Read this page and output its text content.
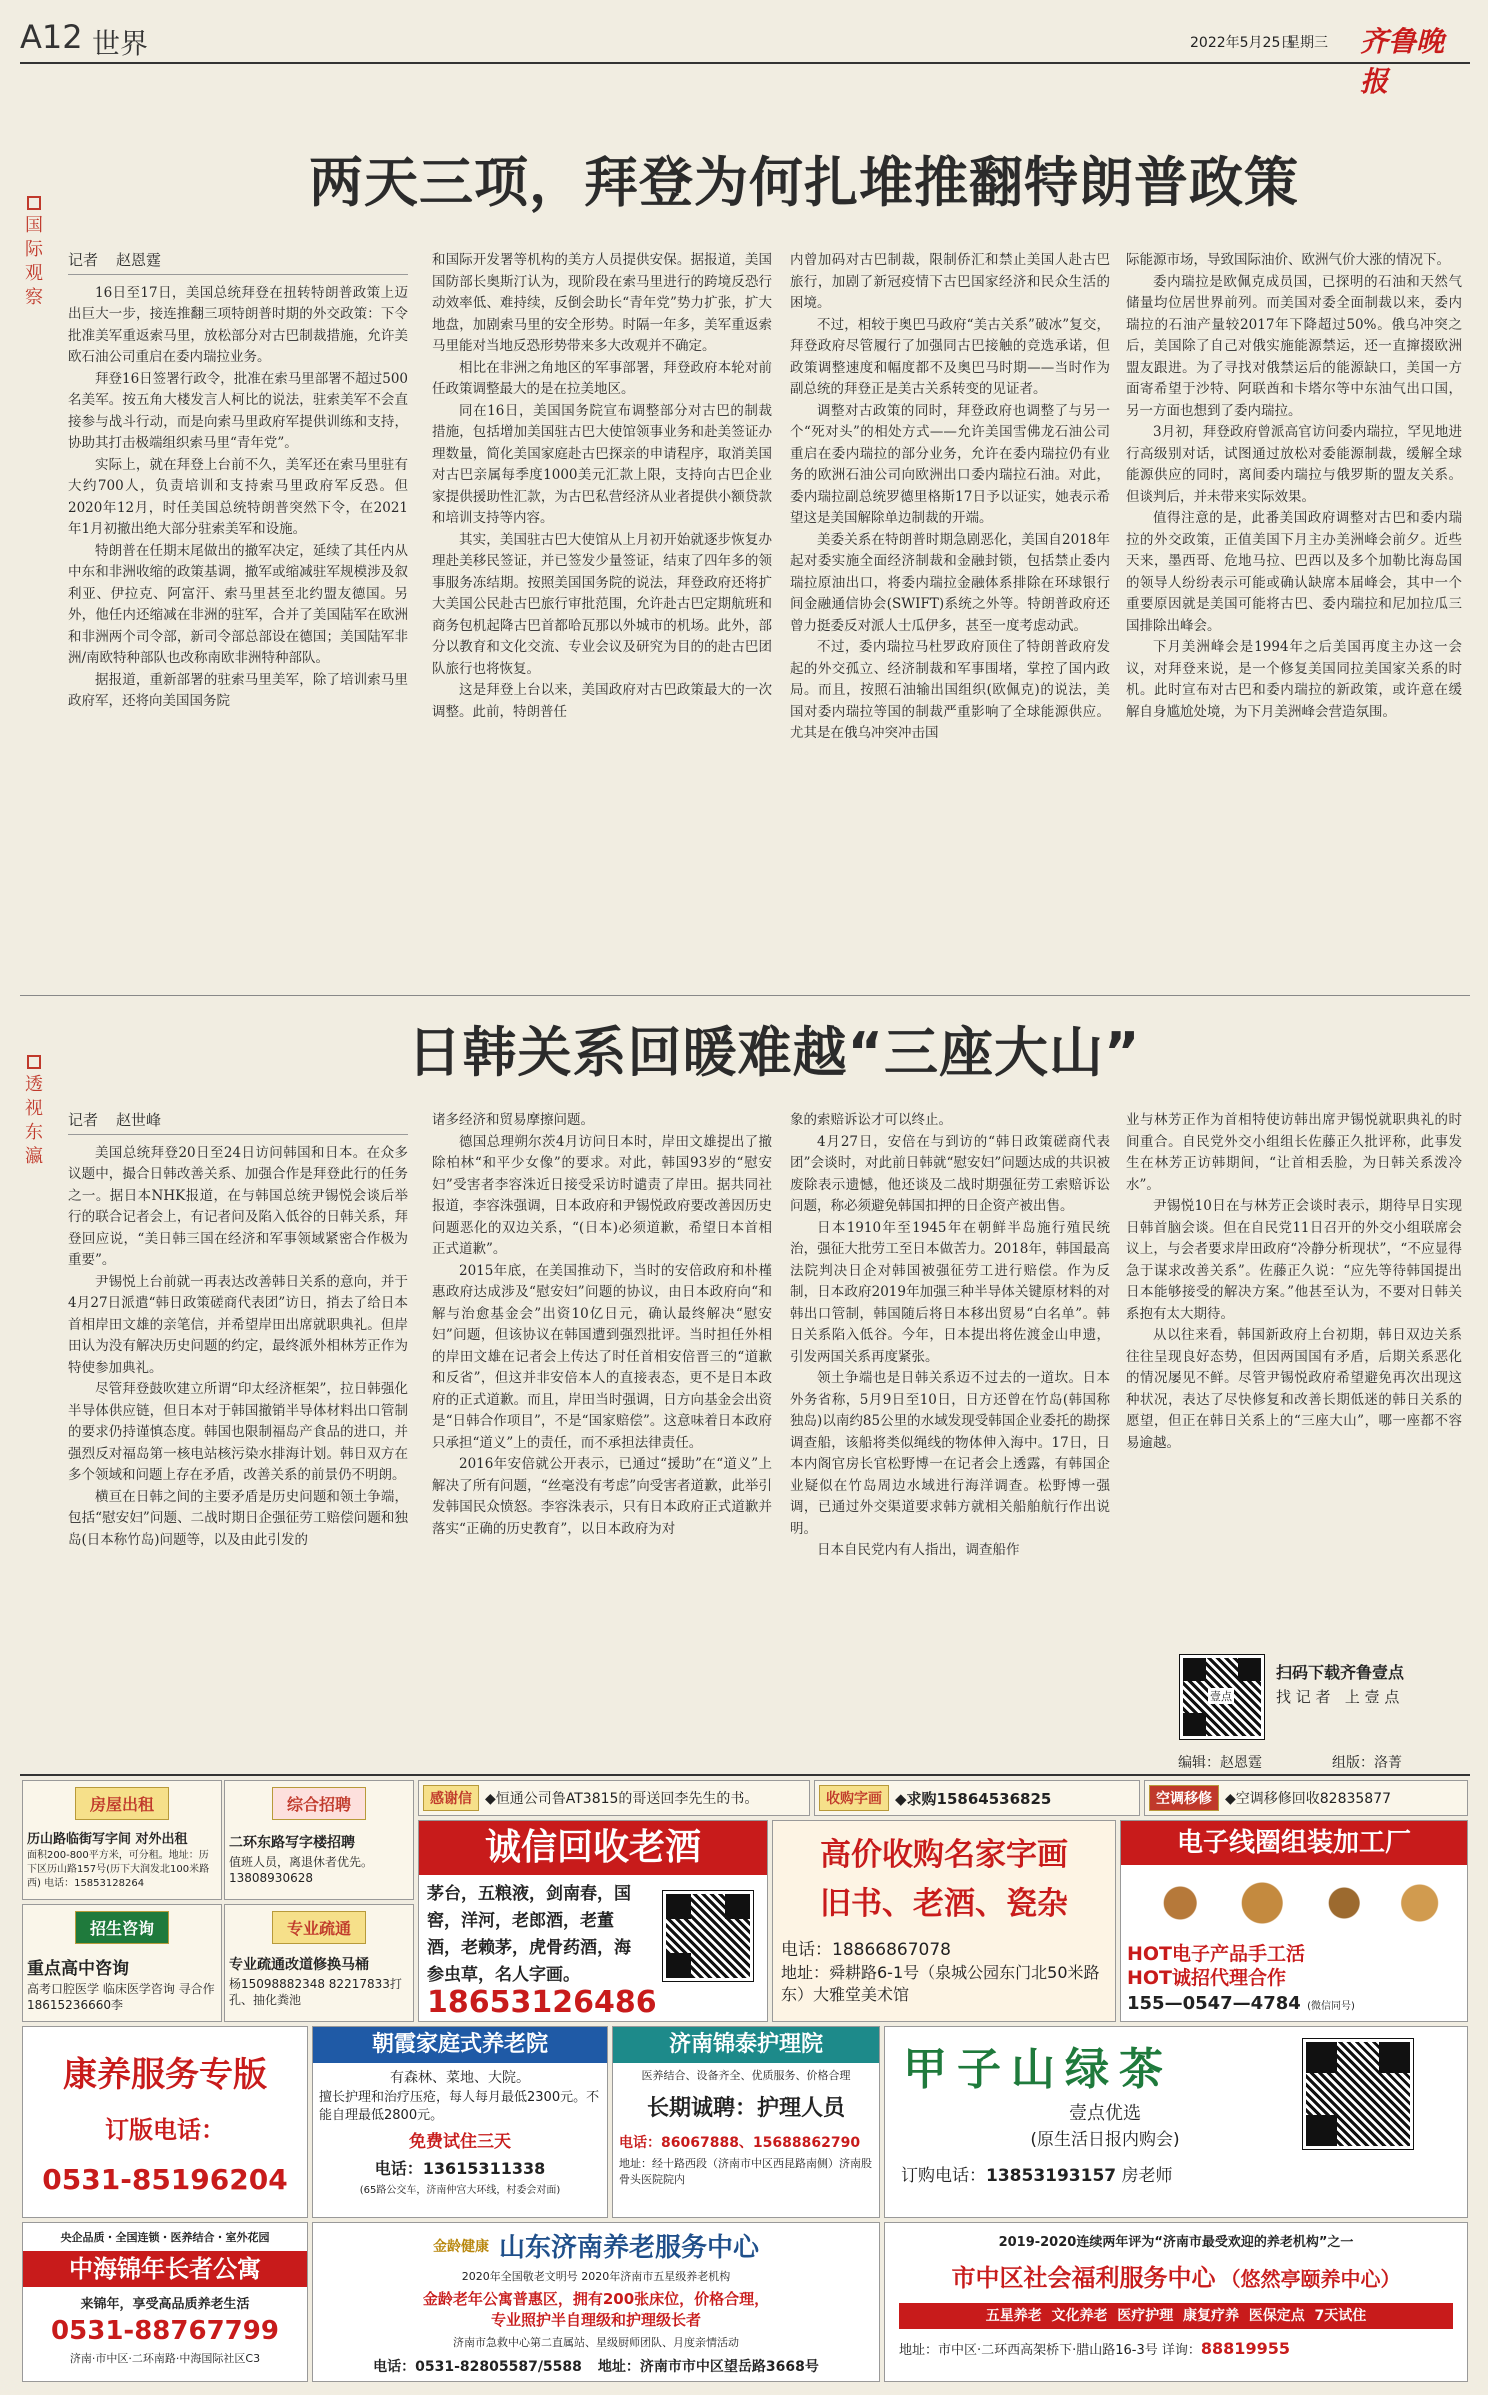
A12 世界	2022年5月25日
星期三 齐鲁晚报
国际观察
两天三项，拜登为何扎堆推翻特朗普政策

记者 赵恩霆

16日至17日，美国总统拜登在扭转特朗普政策上迈出巨大一步，接连推翻三项特朗普时期的外交政策：下令批准美军重返索马里，放松部分对古巴制裁措施，允许美欧石油公司重启在委内瑞拉业务。

拜登16日签署行政令，批准在索马里部署不超过500名美军。按五角大楼发言人柯比的说法，驻索美军不会直接参与战斗行动，而是向索马里政府军提供训练和支持，协助其打击极端组织索马里“青年党”。

实际上，就在拜登上台前不久，美军还在索马里驻有大约700人，负责培训和支持索马里政府军反恐。但2020年12月，时任美国总统特朗普突然下令，在2021年1月初撤出绝大部分驻索美军和设施。

特朗普在任期末尾做出的撤军决定，延续了其任内从中东和非洲收缩的政策基调，撤军或缩减驻军规模涉及叙利亚、伊拉克、阿富汗、索马里甚至北约盟友德国。另外，他任内还缩减在非洲的驻军，合并了美国陆军在欧洲和非洲两个司令部，新司令部总部设在德国；美国陆军非洲/南欧特种部队也改称南欧非洲特种部队。

据报道，重新部署的驻索马里美军，除了培训索马里政府军，还将向美国国务院

和国际开发署等机构的美方人员提供安保。据报道，美国国防部长奥斯汀认为，现阶段在索马里进行的跨境反恐行动效率低、难持续，反倒会助长“青年党”势力扩张，扩大地盘，加剧索马里的安全形势。时隔一年多，美军重返索马里能对当地反恐形势带来多大改观并不确定。

相比在非洲之角地区的军事部署，拜登政府本轮对前任政策调整最大的是在拉美地区。

同在16日，美国国务院宣布调整部分对古巴的制裁措施，包括增加美国驻古巴大使馆领事业务和赴美签证办理数量，简化美国家庭赴古巴探亲的申请程序，取消美国对古巴亲属每季度1000美元汇款上限，支持向古巴企业家提供援助性汇款，为古巴私营经济从业者提供小额贷款和培训支持等内容。

其实，美国驻古巴大使馆从上月初开始就逐步恢复办理赴美移民签证，并已签发少量签证，结束了四年多的领事服务冻结期。按照美国国务院的说法，拜登政府还将扩大美国公民赴古巴旅行审批范围，允许赴古巴定期航班和商务包机起降古巴首都哈瓦那以外城市的机场。此外，部分以教育和文化交流、专业会议及研究为目的的赴古巴团队旅行也将恢复。

这是拜登上台以来，美国政府对古巴政策最大的一次调整。此前，特朗普任

内曾加码对古巴制裁，限制侨汇和禁止美国人赴古巴旅行，加剧了新冠疫情下古巴国家经济和民众生活的困境。

不过，相较于奥巴马政府“美古关系”破冰”复交，拜登政府尽管履行了加强同古巴接触的竞选承诺，但政策调整速度和幅度都不及奥巴马时期——当时作为副总统的拜登正是美古关系转变的见证者。

调整对古政策的同时，拜登政府也调整了与另一个“死对头”的相处方式——允许美国雪佛龙石油公司重启在委内瑞拉的部分业务，允许在委内瑞拉仍有业务的欧洲石油公司向欧洲出口委内瑞拉石油。对此，委内瑞拉副总统罗德里格斯17日予以证实，她表示希望这是美国解除单边制裁的开端。

美委关系在特朗普时期急剧恶化，美国自2018年起对委实施全面经济制裁和金融封锁，包括禁止委内瑞拉原油出口，将委内瑞拉金融体系排除在环球银行间金融通信协会(SWIFT)系统之外等。特朗普政府还曾力挺委反对派人士瓜伊多，甚至一度考虑动武。

不过，委内瑞拉马杜罗政府顶住了特朗普政府发起的外交孤立、经济制裁和军事围堵，掌控了国内政局。而且，按照石油输出国组织(欧佩克)的说法，美国对委内瑞拉等国的制裁严重影响了全球能源供应。尤其是在俄乌冲突冲击国

际能源市场，导致国际油价、欧洲气价大涨的情况下。

委内瑞拉是欧佩克成员国，已探明的石油和天然气储量均位居世界前列。而美国对委全面制裁以来，委内瑞拉的石油产量较2017年下降超过50%。俄乌冲突之后，美国除了自己对俄实施能源禁运，还一直撺掇欧洲盟友跟进。为了寻找对俄禁运后的能源缺口，美国一方面寄希望于沙特、阿联酋和卡塔尔等中东油气出口国，另一方面也想到了委内瑞拉。

3月初，拜登政府曾派高官访问委内瑞拉，罕见地进行高级别对话，试图通过放松对委能源制裁，缓解全球能源供应的同时，离间委内瑞拉与俄罗斯的盟友关系。但谈判后，并未带来实际效果。

值得注意的是，此番美国政府调整对古巴和委内瑞拉的外交政策，正值美国下月主办美洲峰会前夕。近些天来，墨西哥、危地马拉、巴西以及多个加勒比海岛国的领导人纷纷表示可能或确认缺席本届峰会，其中一个重要原因就是美国可能将古巴、委内瑞拉和尼加拉瓜三国排除出峰会。

下月美洲峰会是1994年之后美国再度主办这一会议，对拜登来说，是一个修复美国同拉美国家关系的时机。此时宣布对古巴和委内瑞拉的新政策，或许意在缓解自身尴尬处境，为下月美洲峰会营造氛围。

透视东瀛
日韩关系回暖难越“三座大山”

记者 赵世峰

美国总统拜登20日至24日访问韩国和日本。在众多议题中，撮合日韩改善关系、加强合作是拜登此行的任务之一。据日本NHK报道，在与韩国总统尹锡悦会谈后举行的联合记者会上，有记者问及陷入低谷的日韩关系，拜登回应说，“美日韩三国在经济和军事领域紧密合作极为重要”。

尹锡悦上台前就一再表达改善韩日关系的意向，并于4月27日派遣“韩日政策磋商代表团”访日，捎去了给日本首相岸田文雄的亲笔信，并希望岸田出席就职典礼。但岸田认为没有解决历史问题的约定，最终派外相林芳正作为特使参加典礼。

尽管拜登鼓吹建立所谓“印太经济框架”，拉日韩强化半导体供应链，但日本对于韩国撤销半导体材料出口管制的要求仍持谨慎态度。韩国也限制福岛产食品的进口，并强烈反对福岛第一核电站核污染水排海计划。韩日双方在多个领域和问题上存在矛盾，改善关系的前景仍不明朗。

横亘在日韩之间的主要矛盾是历史问题和领土争端，包括“慰安妇”问题、二战时期日企强征劳工赔偿问题和独岛(日本称竹岛)问题等，以及由此引发的

诸多经济和贸易摩擦问题。

德国总理朔尔茨4月访问日本时，岸田文雄提出了撤除柏林“和平少女像”的要求。对此，韩国93岁的“慰安妇”受害者李容洙近日接受采访时谴责了岸田。据共同社报道，李容洙强调，日本政府和尹锡悦政府要改善因历史问题恶化的双边关系，“(日本)必须道歉，希望日本首相正式道歉”。

2015年底，在美国推动下，当时的安倍政府和朴槿惠政府达成涉及“慰安妇”问题的协议，由日本政府向“和解与治愈基金会”出资10亿日元，确认最终解决“慰安妇”问题，但该协议在韩国遭到强烈批评。当时担任外相的岸田文雄在记者会上传达了时任首相安倍晋三的“道歉和反省”，但这并非安倍本人的直接表态，更不是日本政府的正式道歉。而且，岸田当时强调，日方向基金会出资是“日韩合作项目”，不是“国家赔偿”。这意味着日本政府只承担“道义”上的责任，而不承担法律责任。

2016年安倍就公开表示，已通过“援助”在“道义”上解决了所有问题，“丝毫没有考虑”向受害者道歉，此举引发韩国民众愤怒。李容洙表示，只有日本政府正式道歉并落实“正确的历史教育”，以日本政府为对

象的索赔诉讼才可以终止。

4月27日，安倍在与到访的“韩日政策磋商代表团”会谈时，对此前日韩就“慰安妇”问题达成的共识被废除表示遗憾，他还谈及二战时期强征劳工索赔诉讼问题，称必须避免韩国扣押的日企资产被出售。

日本1910年至1945年在朝鲜半岛施行殖民统治，强征大批劳工至日本做苦力。2018年，韩国最高法院判决日企对韩国被强征劳工进行赔偿。作为反制，日本政府2019年加强三种半导体关键原材料的对韩出口管制，韩国随后将日本移出贸易“白名单”。韩日关系陷入低谷。今年，日本提出将佐渡金山申遗，引发两国关系再度紧张。

领土争端也是日韩关系迈不过去的一道坎。日本外务省称，5月9日至10日，日方还曾在竹岛(韩国称独岛)以南约85公里的水域发现受韩国企业委托的勘探调查船，该船将类似绳线的物体伸入海中。17日，日本内阁官房长官松野博一在记者会上透露，有韩国企业疑似在竹岛周边水域进行海洋调查。松野博一强调，已通过外交渠道要求韩方就相关船舶航行作出说明。

日本自民党内有人指出，调查船作

业与林芳正作为首相特使访韩出席尹锡悦就职典礼的时间重合。自民党外交小组组长佐藤正久批评称，此事发生在林芳正访韩期间，“让首相丢脸，为日韩关系泼冷水”。

尹锡悦10日在与林芳正会谈时表示，期待早日实现日韩首脑会谈。但在自民党11日召开的外交小组联席会议上，与会者要求岸田政府“冷静分析现状”，“不应显得急于谋求改善关系”。佐藤正久说：“应先等待韩国提出日本能够接受的解决方案。”他甚至认为，不要对日韩关系抱有太大期待。

从以往来看，韩国新政府上台初期，韩日双边关系往往呈现良好态势，但因两国国有矛盾，后期关系恶化的情况屡见不鲜。尽管尹锡悦政府希望避免再次出现这种状况，表达了尽快修复和改善长期低迷的韩日关系的愿望，但正在韩日关系上的“三座大山”，哪一座都不容易逾越。

壹点
扫码下载齐鲁壹点
找 记 者   上 壹 点
编辑：赵恩霆	组版：洛菁
房屋出租
历山路临街写字间 对外出租
面积200-800平方米，可分租。地址：历下区历山路157号(历下大润发北100米路西) 电话：15853128264
综合招聘
二环东路写字楼招聘
值班人员，离退休者优先。13808930628
招生咨询
重点高中咨询
高考口腔医学 临床医学咨询 寻合作18615236660李
专业疏通
专业疏通改道修换马桶
杨15098882348 82217833打孔、抽化粪池
感谢信 ◆恒通公司鲁AT3815的哥送回李先生的书。	收购字画 ◆求购15864536825	空调移修 ◆空调移修回收82835877
诚信回收老酒
茅台，五粮液，剑南春，国窖，洋河，老郎酒，老董酒，老赖茅，虎骨药酒，海参虫草，名人字画。
18653126486
高价收购名家字画
旧书、老酒、瓷杂
电话：18866867078
地址：舜耕路6-1号（泉城公园东门北50米路东）大雅堂美术馆
电子线圈组装加工厂
HOT电子产品手工活
HOT诚招代理合作
155—0547—4784 (微信同号)
康养服务专版
订版电话：
0531-85196204
朝霞家庭式养老院
有森林、菜地、大院。
擅长护理和治疗压疮，每人每月最低2300元。不能自理最低2800元。
免费试住三天
电话：13615311338
(65路公交车，济南仲宫大环线，村委会对面)
济南锦泰护理院
医养结合、设备齐全、优质服务、价格合理
长期诚聘：护理人员
电话：86067888、15688862790
地址：经十路西段（济南市中区西昆路南侧）济南股骨头医院院内
甲子山绿茶
壹点优选
(原生活日报内购会)
订购电话：13853193157 房老师
央企品质・全国连锁・医养结合・室外花园
中海锦年长者公寓
来锦年，享受高品质养老生活
0531-88767799
济南·市中区·二环南路·中海国际社区C3
金龄健康 山东济南养老服务中心
2020年全国敬老文明号 2020年济南市五星级养老机构
金龄老年公寓普惠区，拥有200张床位，价格合理，
专业照护半自理级和护理级长者
济南市急救中心第二直属站、星级厨师团队、月度亲情活动
电话：0531-82805587/5588 地址：济南市市中区望岳路3668号
2019-2020连续两年评为“济南市最受欢迎的养老机构”之一
市中区社会福利服务中心 （悠然亭颐养中心）
五星养老  文化养老  医疗护理  康复疗养  医保定点  7天试住
地址：市中区·二环西高架桥下·腊山路16-3号 详询：88819955
